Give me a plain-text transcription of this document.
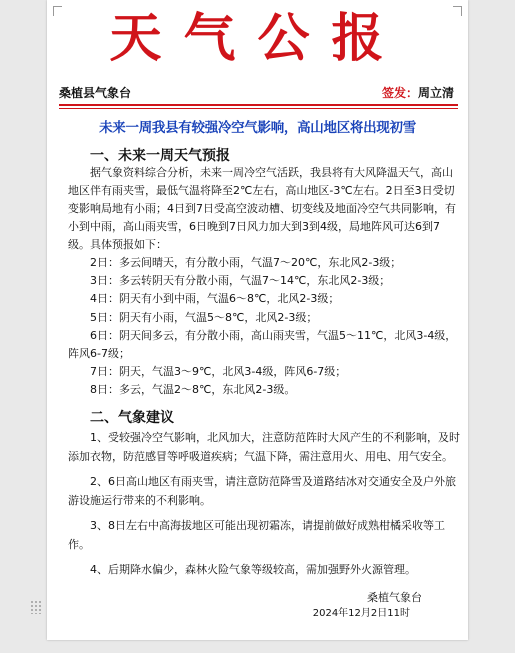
天气公报
桑植县气象台	签发：周立清
未来一周我县有较强冷空气影响，高山地区将出现初雪
一、未来一周天气预报
据气象资料综合分析，未来一周冷空气活跃，我县将有大风降温天气，高山地区伴有雨夹雪，最低气温将降至2℃左右，高山地区-3℃左右。2日至3日受切变影响局地有小雨；4日到7日受高空波动槽、切变线及地面冷空气共同影响，有小到中雨，高山雨夹雪，6日晚到7日风力加大到3到4级，局地阵风可达6到7级。具体预报如下：
2日：多云间晴天，有分散小雨，气温7～20℃，东北风2-3级；
3日：多云转阴天有分散小雨，气温7～14℃，东北风2-3级；
4日：阴天有小到中雨，气温6～8℃，北风2-3级；
5日：阴天有小雨，气温5～8℃，北风2-3级；
6日：阴天间多云，有分散小雨，高山雨夹雪，气温5～11℃，北风3-4级，阵风6-7级；
7日：阴天，气温3～9℃，北风3-4级，阵风6-7级；
8日：多云，气温2～8℃，东北风2-3级。
二、气象建议
1、受较强冷空气影响，北风加大，注意防范阵时大风产生的不利影响，及时添加衣物，防范感冒等呼吸道疾病；气温下降，需注意用火、用电、用气安全。
2、6日高山地区有雨夹雪，请注意防范降雪及道路结冰对交通安全及户外旅游设施运行带来的不利影响。
3、8日左右中高海拔地区可能出现初霜冻，请提前做好成熟柑橘采收等工作。
4、后期降水偏少，森林火险气象等级较高，需加强野外火源管理。
桑植气象台
2024年12月2日11时
